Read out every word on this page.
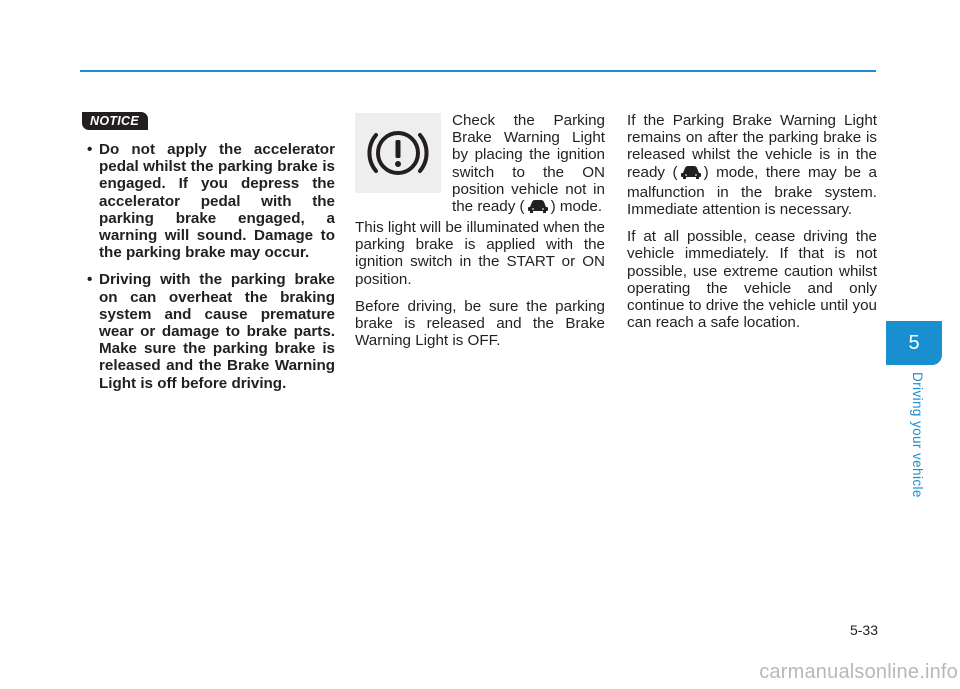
NOTICE
• Do not apply the accelerator pedal whilst the parking brake is engaged. If you depress the accelerator pedal with the parking brake engaged, a warning will sound. Damage to the parking brake may occur.
• Driving with the parking brake on can overheat the braking system and cause premature wear or damage to brake parts. Make sure the parking brake is released and the Brake Warning Light is off before driving.

Check the Parking Brake Warning Light by placing the ignition switch to the ON position vehicle not in the ready ( ) mode.

This light will be illuminated when the parking brake is applied with the ignition switch in the START or ON position.

Before driving, be sure the parking brake is released and the Brake Warning Light is OFF.

If the Parking Brake Warning Light remains on after the parking brake is released whilst the vehicle is in the ready ( ) mode, there may be a malfunction in the brake system. Immediate attention is necessary.

If at all possible, cease driving the vehicle immediately. If that is not possible, use extreme caution whilst operating the vehicle and only continue to drive the vehicle until you can reach a safe location.

5
Driving your vehicle
5-33
carmanualsonline.info
